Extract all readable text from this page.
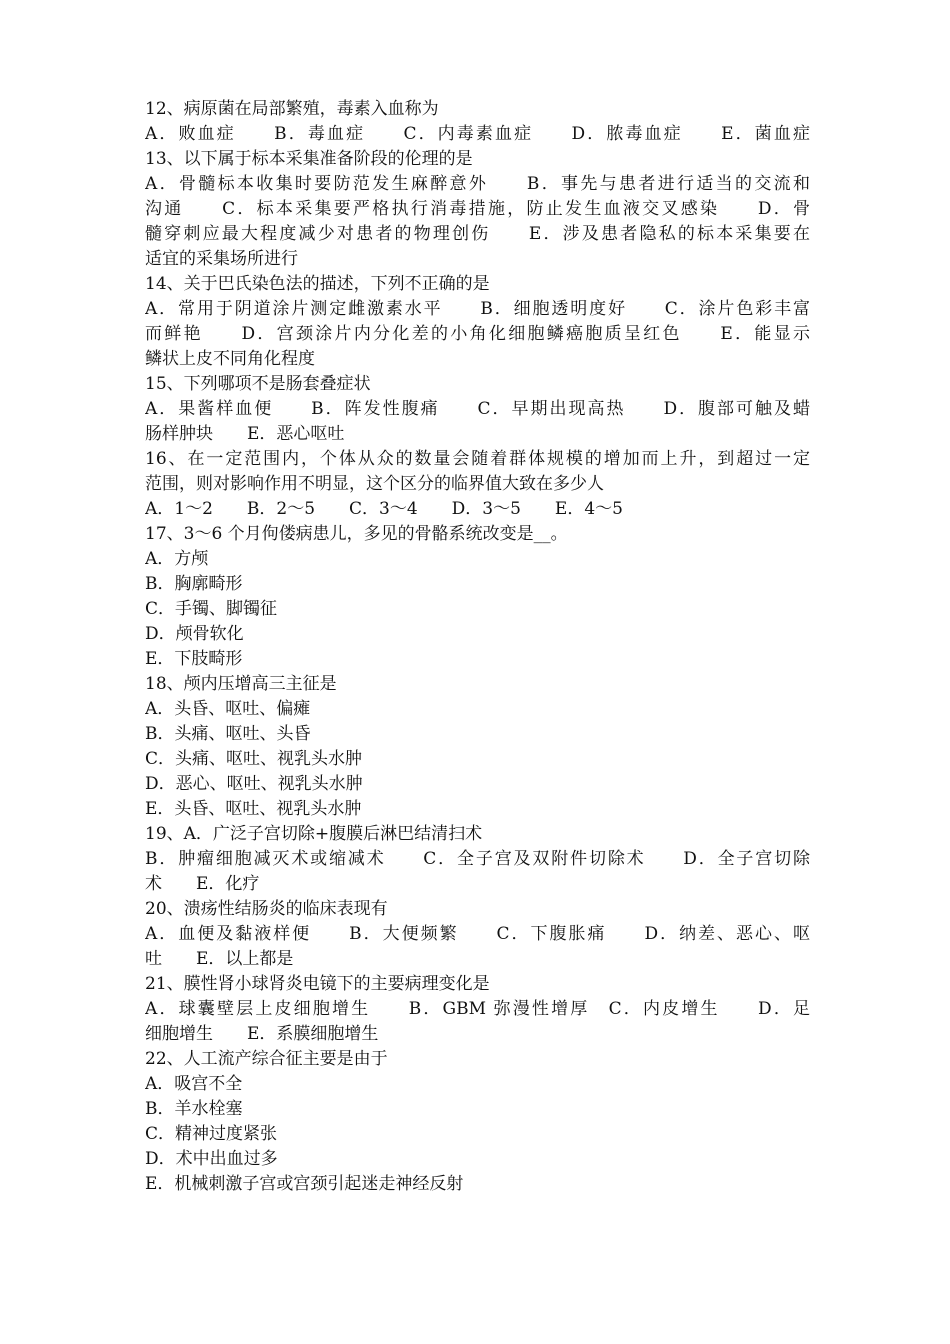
12、病原菌在局部繁殖，毒素入血称为
A．败血症　　B．毒血症　　C．内毒素血症　　D．脓毒血症　　E．菌血症
13、以下属于标本采集准备阶段的伦理的是
A．骨髓标本收集时要防范发生麻醉意外　　B．事先与患者进行适当的交流和
沟通　　C．标本采集要严格执行消毒措施，防止发生血液交叉感染　　D．骨
髓穿刺应最大程度减少对患者的物理创伤　　E．涉及患者隐私的标本采集要在
适宜的采集场所进行
14、关于巴氏染色法的描述，下列不正确的是
A．常用于阴道涂片测定雌激素水平　　B．细胞透明度好　　C．涂片色彩丰富
而鲜艳　　D．宫颈涂片内分化差的小角化细胞鳞癌胞质呈红色　　E．能显示
鳞状上皮不同角化程度
15、下列哪项不是肠套叠症状
A．果酱样血便　　B．阵发性腹痛　　C．早期出现高热　　D．腹部可触及蜡
肠样肿块　　E．恶心呕吐
16、在一定范围内，个体从众的数量会随着群体规模的增加而上升，到超过一定
范围，则对影响作用不明显，这个区分的临界值大致在多少人
A．1～2　　B．2～5　　C．3～4　　D．3～5　　E．4～5
17、3～6 个月佝偻病患儿，多见的骨骼系统改变是__。
A．方颅
B．胸廓畸形
C．手镯、脚镯征
D．颅骨软化
E．下肢畸形
18、颅内压增高三主征是
A．头昏、呕吐、偏瘫
B．头痛、呕吐、头昏
C．头痛、呕吐、视乳头水肿
D．恶心、呕吐、视乳头水肿
E．头昏、呕吐、视乳头水肿
19、A．广泛子宫切除+腹膜后淋巴结清扫术
B．肿瘤细胞减灭术或缩减术　　C．全子宫及双附件切除术　　D．全子宫切除
术　　E．化疗
20、溃疡性结肠炎的临床表现有
A．血便及黏液样便　　B．大便频繁　　C．下腹胀痛　　D．纳差、恶心、呕
吐　　E．以上都是
21、膜性肾小球肾炎电镜下的主要病理变化是
A．球囊壁层上皮细胞增生　　B．GBM 弥漫性增厚　C．内皮增生　　D．足
细胞增生　　E．系膜细胞增生
22、人工流产综合征主要是由于
A．吸宫不全
B．羊水栓塞
C．精神过度紧张
D．术中出血过多
E．机械刺激子宫或宫颈引起迷走神经反射
